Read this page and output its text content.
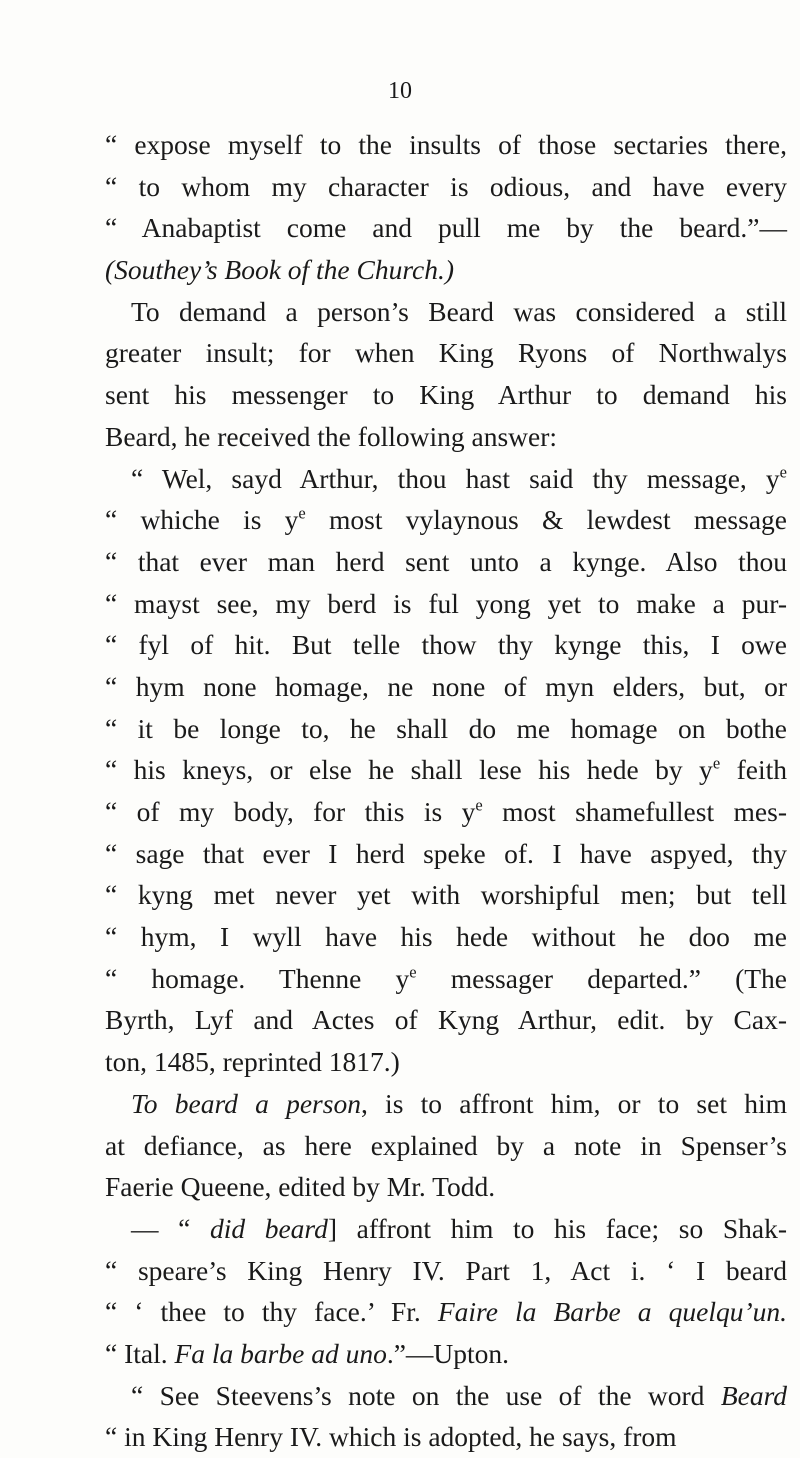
10
“ expose myself to the insults of those sectaries there,
“ to whom my character is odious, and have every
“ Anabaptist come and pull me by the beard.”—
(Southey’s Book of the Church.)
To demand a person’s Beard was considered a still
greater insult; for when King Ryons of Northwalys
sent his messenger to King Arthur to demand his
Beard, he received the following answer:
“ Wel, sayd Arthur, thou hast said thy message, $y^e$
“ whiche is $y^e$ most vylaynous & lewdest message
“ that ever man herd sent unto a kynge. Also thou
“ mayst see, my berd is ful yong yet to make a pur-
“ fyl of hit. But telle thow thy kynge this, I owe
“ hym none homage, ne none of myn elders, but, or
“ it be longe to, he shall do me homage on bothe
“ his kneys, or else he shall lese his hede by $y^e$ feith
“ of my body, for this is $y^e$ most shamefullest mes-
“ sage that ever I herd speke of. I have aspyed, thy
“ kyng met never yet with worshipful men; but tell
“ hym, I wyll have his hede without he doo me
“ homage. Thenne $y^e$ messager departed.” (The
Byrth, Lyf and Actes of Kyng Arthur, edit. by Cax-
ton, 1485, reprinted 1817.)
To beard a person, is to affront him, or to set him
at defiance, as here explained by a note in Spenser’s
Faerie Queene, edited by Mr. Todd.
— “ did beard] affront him to his face; so Shak-
“ speare’s King Henry IV. Part 1, Act i. ‘ I beard
“ ‘ thee to thy face.’ Fr. Faire la Barbe a quelqu’un.
“ Ital. Fa la barbe ad uno.”—Upton.
“ See Steevens’s note on the use of the word Beard
“ in King Henry IV. which is adopted, he says, from
